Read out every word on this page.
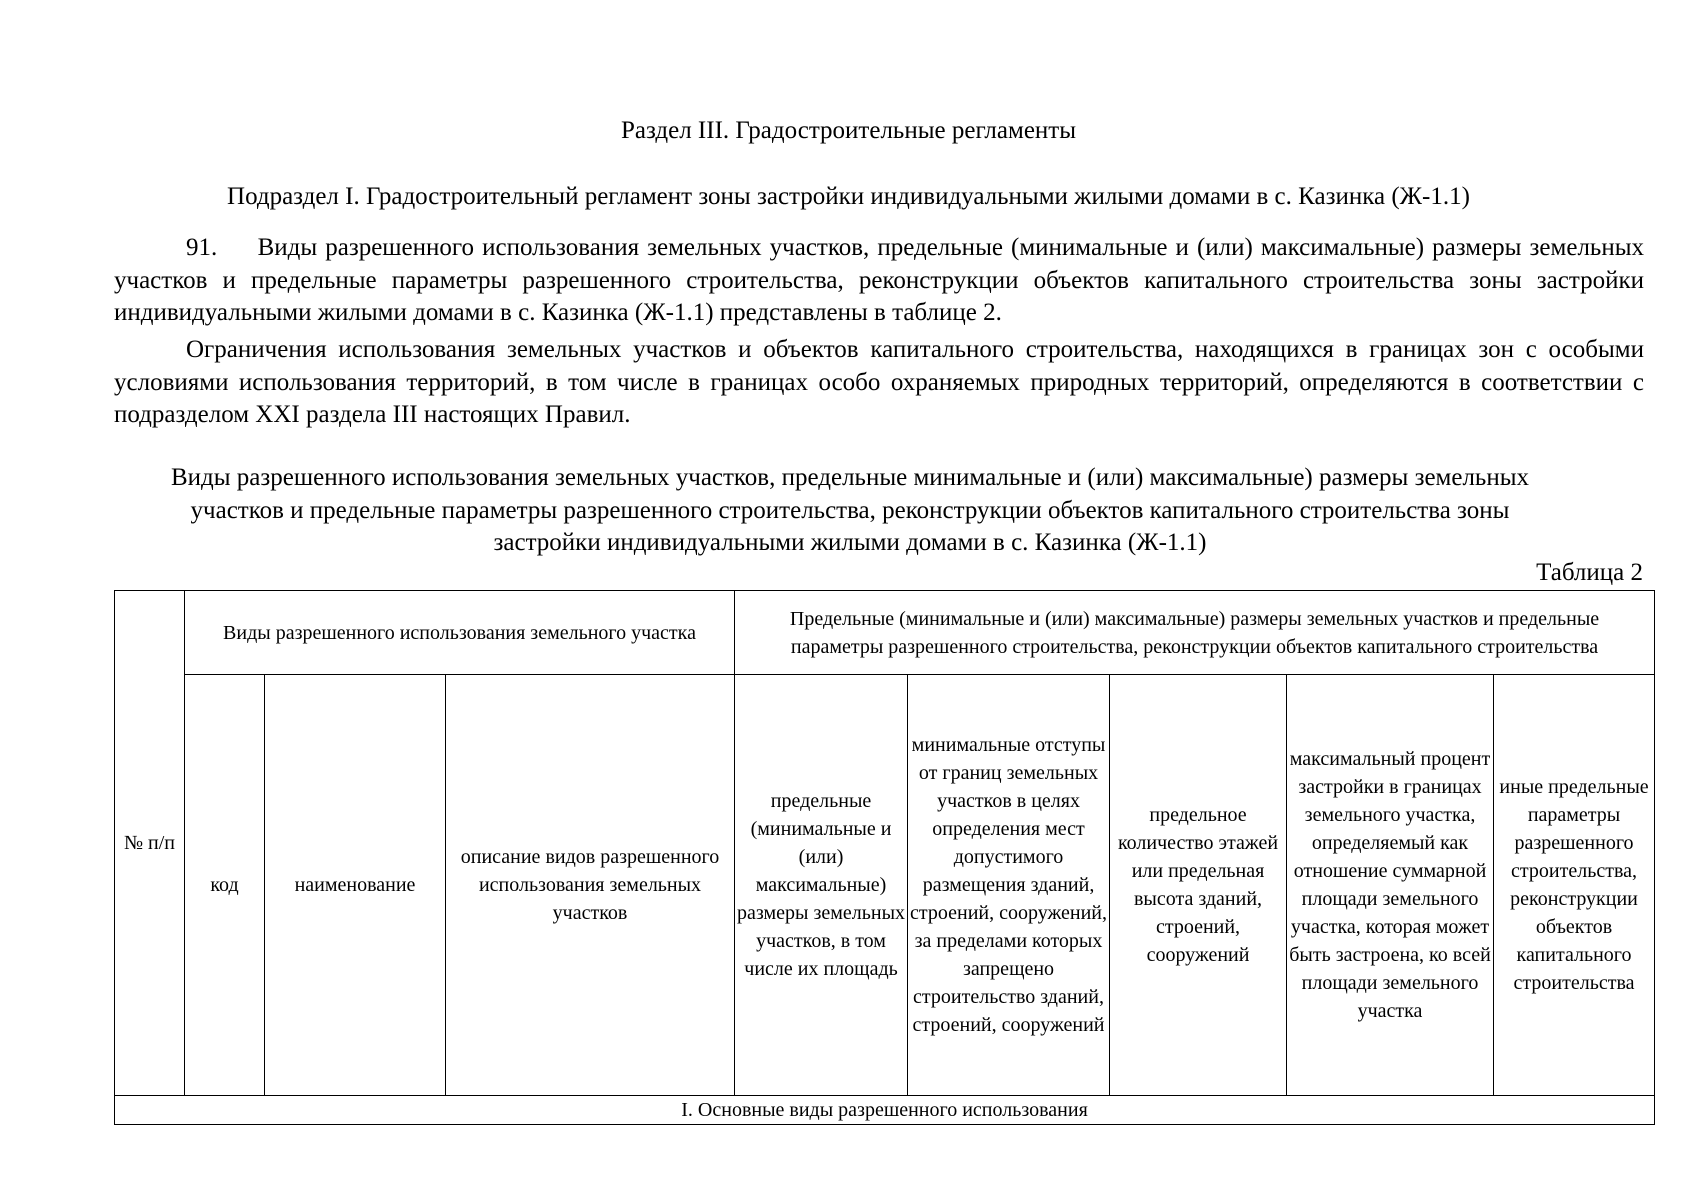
Раздел III. Градостроительные регламенты
Подраздел I. Градостроительный регламент зоны застройки индивидуальными жилыми домами в с. Казинка (Ж-1.1)

91.     Виды разрешенного использования земельных участков, предельные (минимальные и (или) максимальные) размеры земельных участков и предельные параметры разрешенного строительства, реконструкции объектов капитального строительства зоны застройки индивидуальными жилыми домами в с. Казинка (Ж-1.1) представлены в таблице 2.

Ограничения использования земельных участков и объектов капитального строительства, находящихся в границах зон с особыми условиями использования территорий, в том числе в границах особо охраняемых природных территорий, определяются в соответствии с подразделом XXI раздела III настоящих Правил.

Виды разрешенного использования земельных участков, предельные минимальные и (или) максимальные) размеры земельных участков и предельные параметры разрешенного строительства, реконструкции объектов капитального строительства зоны застройки индивидуальными жилыми домами в с. Казинка (Ж-1.1)
Таблица 2
№ п/п	Виды разрешенного использования земельного участка			Предельные (минимальные и (или) максимальные) размеры земельных участков и предельные параметры разрешенного строительства, реконструкции объектов капитального строительства				
	код	наименование	описание видов разрешенного использования земельных участков	предельные (минимальные и (или) максимальные) размеры земельных участков, в том числе их площадь	минимальные отступы от границ земельных участков в целях определения мест допустимого размещения зданий, строений, сооружений, за пределами которых запрещено строительство зданий, строений, сооружений	предельное количество этажей или предельная высота зданий, строений, сооружений	максимальный процент застройки в границах земельного участка, определяемый как отношение суммарной площади земельного участка, которая может быть застроена, ко всей площади земельного участка	иные предельные параметры разрешенного строительства, реконструкции объектов капитального строительства
I. Основные виды разрешенного использования								
